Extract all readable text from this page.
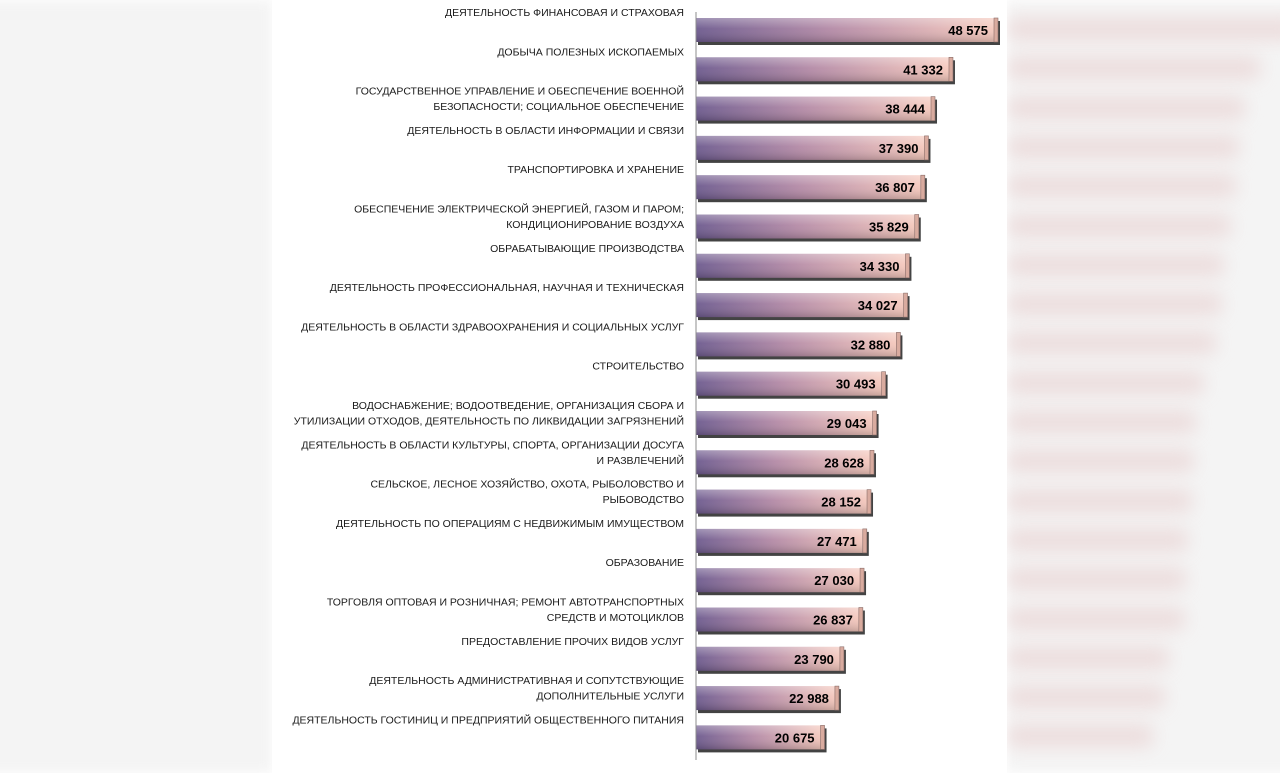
48 575
ДЕЯТЕЛЬНОСТЬ ФИНАНСОВАЯ И СТРАХОВАЯ
41 332
ДОБЫЧА ПОЛЕЗНЫХ ИСКОПАЕМЫХ
38 444
ГОСУДАРСТВЕННОЕ УПРАВЛЕНИЕ И ОБЕСПЕЧЕНИЕ ВОЕННОЙ
БЕЗОПАСНОСТИ; СОЦИАЛЬНОЕ ОБЕСПЕЧЕНИЕ
37 390
ДЕЯТЕЛЬНОСТЬ В ОБЛАСТИ ИНФОРМАЦИИ И СВЯЗИ
36 807
ТРАНСПОРТИРОВКА И ХРАНЕНИЕ
35 829
ОБЕСПЕЧЕНИЕ ЭЛЕКТРИЧЕСКОЙ ЭНЕРГИЕЙ, ГАЗОМ И ПАРОМ;
КОНДИЦИОНИРОВАНИЕ ВОЗДУХА
34 330
ОБРАБАТЫВАЮЩИЕ ПРОИЗВОДСТВА
34 027
ДЕЯТЕЛЬНОСТЬ ПРОФЕССИОНАЛЬНАЯ, НАУЧНАЯ И ТЕХНИЧЕСКАЯ
32 880
ДЕЯТЕЛЬНОСТЬ В ОБЛАСТИ ЗДРАВООХРАНЕНИЯ И СОЦИАЛЬНЫХ УСЛУГ
30 493
СТРОИТЕЛЬСТВО
29 043
ВОДОСНАБЖЕНИЕ; ВОДООТВЕДЕНИЕ, ОРГАНИЗАЦИЯ СБОРА И
УТИЛИЗАЦИИ ОТХОДОВ, ДЕЯТЕЛЬНОСТЬ ПО ЛИКВИДАЦИИ ЗАГРЯЗНЕНИЙ
28 628
ДЕЯТЕЛЬНОСТЬ В ОБЛАСТИ КУЛЬТУРЫ, СПОРТА, ОРГАНИЗАЦИИ ДОСУГА
И РАЗВЛЕЧЕНИЙ
28 152
СЕЛЬСКОЕ, ЛЕСНОЕ ХОЗЯЙСТВО, ОХОТА, РЫБОЛОВСТВО И
РЫБОВОДСТВО
27 471
ДЕЯТЕЛЬНОСТЬ ПО ОПЕРАЦИЯМ С НЕДВИЖИМЫМ ИМУЩЕСТВОМ
27 030
ОБРАЗОВАНИЕ
26 837
ТОРГОВЛЯ ОПТОВАЯ И РОЗНИЧНАЯ; РЕМОНТ АВТОТРАНСПОРТНЫХ
СРЕДСТВ И МОТОЦИКЛОВ
23 790
ПРЕДОСТАВЛЕНИЕ ПРОЧИХ ВИДОВ УСЛУГ
22 988
ДЕЯТЕЛЬНОСТЬ АДМИНИСТРАТИВНАЯ И СОПУТСТВУЮЩИЕ
ДОПОЛНИТЕЛЬНЫЕ УСЛУГИ
20 675
ДЕЯТЕЛЬНОСТЬ ГОСТИНИЦ И ПРЕДПРИЯТИЙ ОБЩЕСТВЕННОГО ПИТАНИЯ
